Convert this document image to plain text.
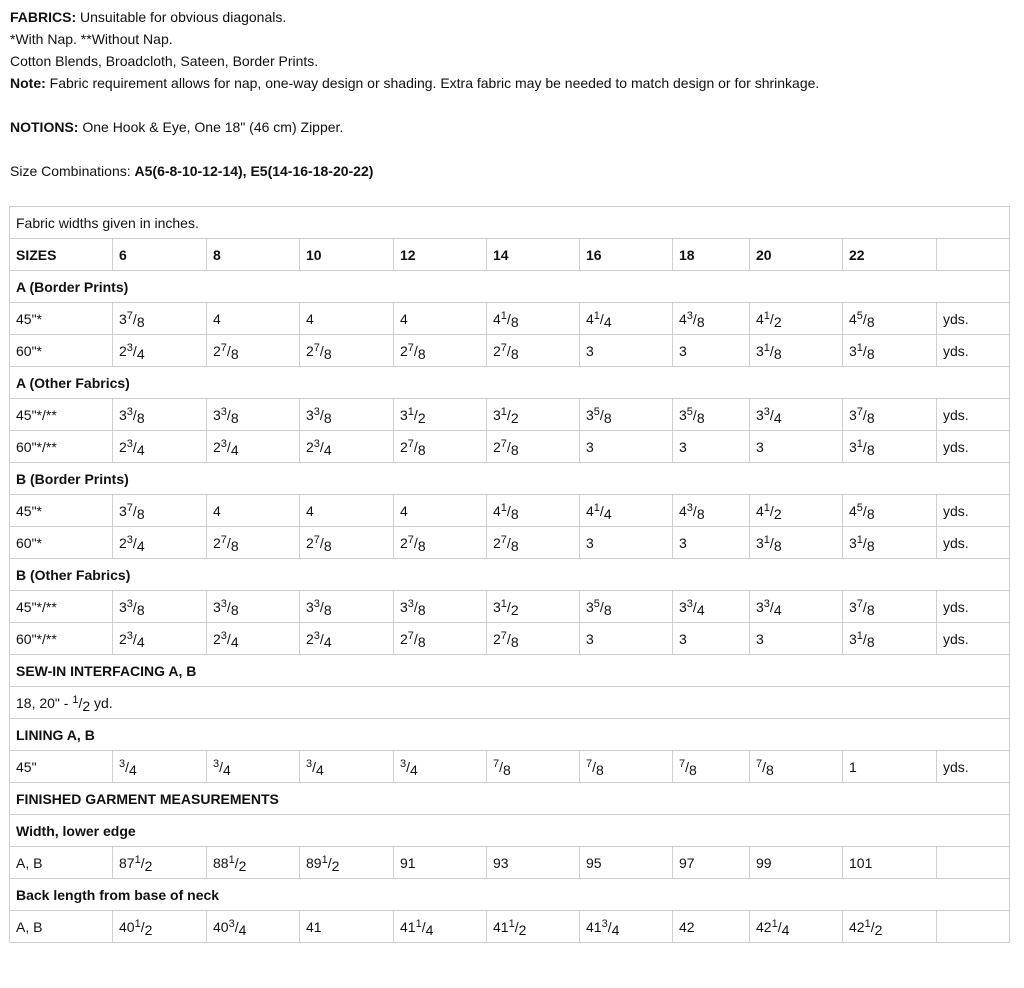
FABRICS: Unsuitable for obvious diagonals.

*With Nap. **Without Nap.

Cotton Blends, Broadcloth, Sateen, Border Prints.

Note: Fabric requirement allows for nap, one-way design or shading. Extra fabric may be needed to match design or for shrinkage.

NOTIONS: One Hook & Eye, One 18" (46 cm) Zipper.

Size Combinations: A5(6-8-10-12-14), E5(14-16-18-20-22)

Fabric widths given in inches.										
SIZES	6	8	10	12	14	16	18	20	22	
A (Border Prints)										
45"*	$3^7/_8$	4	4	4	$4^1/_8$	$4^1/_4$	$4^3/_8$	$4^1/_2$	$4^5/_8$	yds.
60"*	$2^3/_4$	$2^7/_8$	$2^7/_8$	$2^7/_8$	$2^7/_8$	3	3	$3^1/_8$	$3^1/_8$	yds.
A (Other Fabrics)										
45"*/**	$3^3/_8$	$3^3/_8$	$3^3/_8$	$3^1/_2$	$3^1/_2$	$3^5/_8$	$3^5/_8$	$3^3/_4$	$3^7/_8$	yds.
60"*/**	$2^3/_4$	$2^3/_4$	$2^3/_4$	$2^7/_8$	$2^7/_8$	3	3	3	$3^1/_8$	yds.
B (Border Prints)										
45"*	$3^7/_8$	4	4	4	$4^1/_8$	$4^1/_4$	$4^3/_8$	$4^1/_2$	$4^5/_8$	yds.
60"*	$2^3/_4$	$2^7/_8$	$2^7/_8$	$2^7/_8$	$2^7/_8$	3	3	$3^1/_8$	$3^1/_8$	yds.
B (Other Fabrics)										
45"*/**	$3^3/_8$	$3^3/_8$	$3^3/_8$	$3^3/_8$	$3^1/_2$	$3^5/_8$	$3^3/_4$	$3^3/_4$	$3^7/_8$	yds.
60"*/**	$2^3/_4$	$2^3/_4$	$2^3/_4$	$2^7/_8$	$2^7/_8$	3	3	3	$3^1/_8$	yds.
SEW-IN INTERFACING A, B										
18, 20" - $^1/_2$ yd.										
LINING A, B										
45"	$^3/_4$	$^3/_4$	$^3/_4$	$^3/_4$	$^7/_8$	$^7/_8$	$^7/_8$	$^7/_8$	1	yds.
FINISHED GARMENT MEASUREMENTS										
Width, lower edge										
A, B	$87^1/_2$	$88^1/_2$	$89^1/_2$	91	93	95	97	99	101	
Back length from base of neck										
A, B	$40^1/_2$	$40^3/_4$	41	$41^1/_4$	$41^1/_2$	$41^3/_4$	42	$42^1/_4$	$42^1/_2$	
